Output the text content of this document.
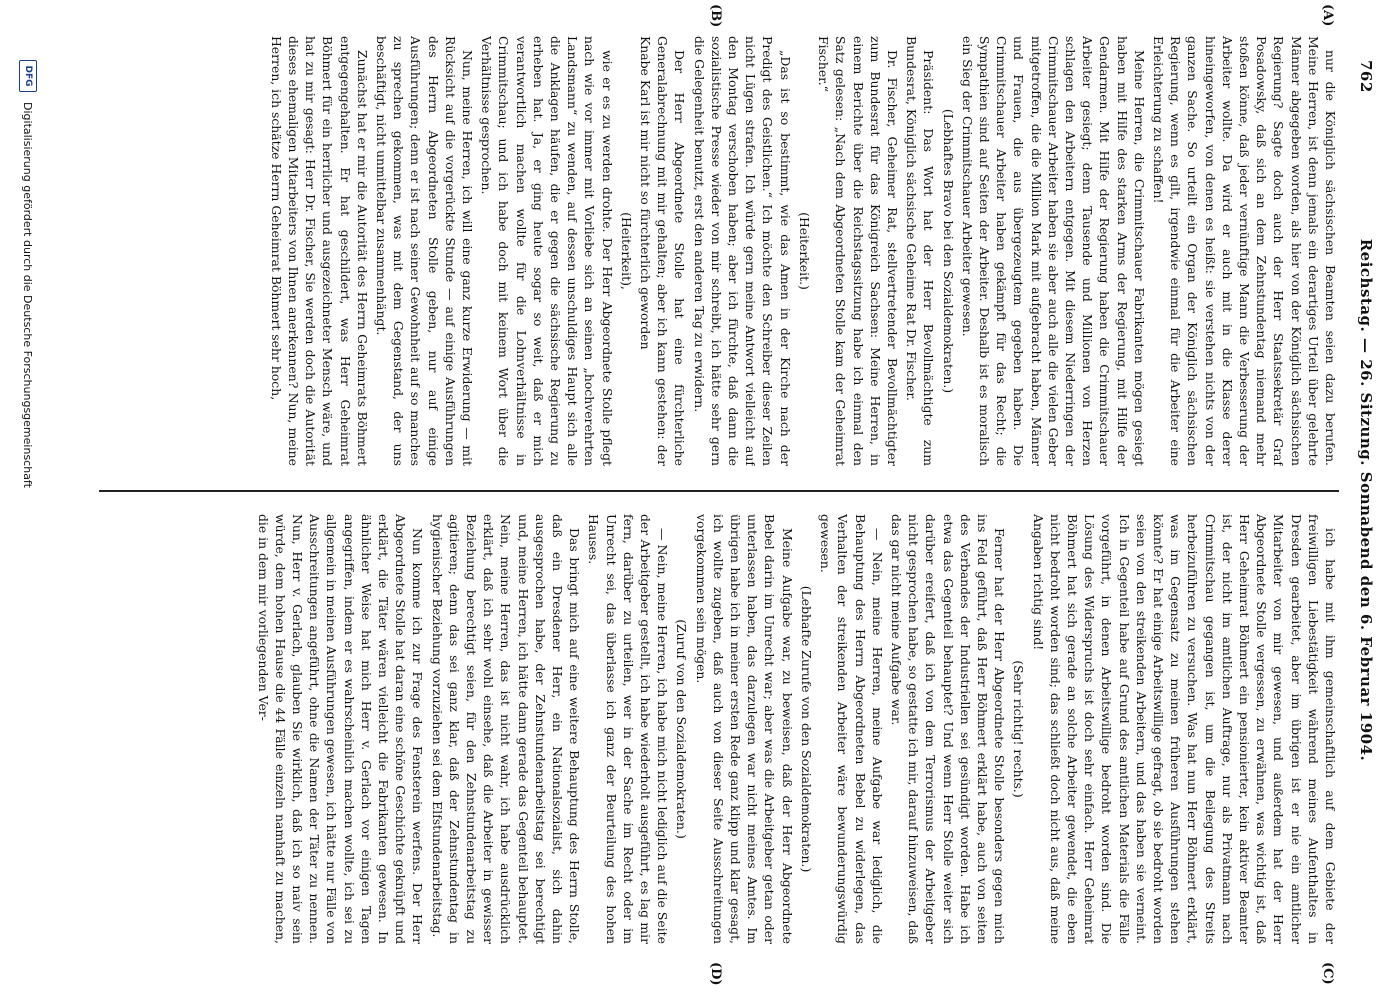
762
Reichstag. — 26. Sitzung. Sonnabend den 6. Februar 1904.
(A)
(B)
(C)
(D)

nur die Königlich sächsischen Beamten seien dazu berufen. Meine Herren, ist denn jemals ein derartiges Urteil über gelehrte Männer abgegeben worden, als hier von der Königlich sächsischen Regierung? Sagte doch auch der Herr Staatssekretär Graf Posadowsky, daß sich an dem Zehnstundentag niemand mehr stoßen könne, daß jeder vernünftige Mann die Verbesserung der Arbeiter wollte. Da wird er auch mit in die Klasse derer hineingeworfen, von denen es heißt: sie verstehen nichts von der ganzen Sache. So urteilt ein Organ der Königlich sächsischen Regierung, wenn es gilt, irgendwie einmal für die Arbeiter eine Erleichterung zu schaffen!

Meine Herren, die Crimmitschauer Fabrikanten mögen gesiegt haben mit Hilfe des starken Arms der Regierung, mit Hilfe der Gendarmen. Mit Hilfe der Regierung haben die Crimmitschauer Arbeiter gesiegt; denn Tausende und Millionen von Herzen schlagen den Arbeitern entgegen. Mit diesem Niederringen der Crimmitschauer Arbeiter haben sie aber auch alle die vielen Geber mitgetroffen, die die Million Mark mit aufgebracht haben, Männer und Frauen, die aus übergezeugtem gegeben haben. Die Crimmitschauer Arbeiter haben gekämpft für das Recht; die Sympathien sind auf Seiten der Arbeiter. Deshalb ist es moralisch ein Sieg der Crimmitschauer Arbeiter gewesen.

(Lebhaftes Bravo bei den Sozialdemokraten.)

Präsident: Das Wort hat der Herr Bevollmächtigte zum Bundesrat, Königlich sächsische Geheime Rat Dr. Fischer.

Dr. Fischer, Geheimer Rat, stellvertretender Bevollmächtigter zum Bundesrat für das Königreich Sachsen: Meine Herren, in einem Berichte über die Reichstagssitzung habe ich einmal den Satz gelesen: „Nach dem Abgeordneten Stolle kam der Geheimrat Fischer.“

(Heiterkeit.)

„Das ist so bestimmt, wie das Amen in der Kirche nach der Predigt des Geistlichen.“ Ich möchte den Schreiber dieser Zeilen nicht Lügen strafen. Ich würde gern meine Antwort vielleicht auf den Montag verschoben haben; aber ich fürchte, daß dann die sozialistische Presse wieder von mir schreibt, ich hätte sehr gern die Gelegenheit benutzt, erst den anderen Tag zu erwidern.

Der Herr Abgeordnete Stolle hat eine fürchterliche Generalabrechnung mit mir gehalten; aber ich kann gestehen: der Knabe Karl ist mir nicht so fürchterlich geworden

(Heiterkeit),

wie er es zu werden drohte. Der Herr Abgeordnete Stolle pflegt nach wie vor immer mit Vorliebe sich an seinen „hochverehrten Landsmann“ zu wenden, auf dessen unschuldiges Haupt sich alle die Anklagen häufen, die er gegen die sächsische Regierung zu erheben hat. Ja, er ging heute sogar so weit, daß er mich verantwortlich machen wollte für die Lohnverhältnisse in Crimmitschau; und ich habe doch mit keinem Wort über die Verhältnisse gesprochen.

Nun, meine Herren, ich will eine ganz kurze Erwiderung — mit Rücksicht auf die vorgerückte Stunde — auf einige Ausführungen des Herrn Abgeordneten Stolle geben, nur auf einige Ausführungen; denn er ist nach seiner Gewohnheit auf so manches zu sprechen gekommen, was mit dem Gegenstand, der uns beschäftigt, nicht unmittelbar zusammenhängt.

Zunächst hat er mir die Autorität des Herrn Geheimrats Böhmert entgegengehalten. Er hat geschildert, was Herr Geheimrat Böhmert für ein herrlicher und ausgezeichneter Mensch wäre, und hat zu mir gesagt: Herr Dr. Fischer, Sie werden doch die Autorität dieses ehemaligen Mitarbeiters von Ihnen anerkennen? Nun, meine Herren, ich schätze Herrn Geheimrat Böhmert sehr hoch,

ich habe mit ihm gemeinschaftlich auf dem Gebiete der freiwilligen Liebestätigkeit während meines Aufenthaltes in Dresden gearbeitet, aber im übrigen ist er nie ein amtlicher Mitarbeiter von mir gewesen, und außerdem hat der Herr Abgeordnete Stolle vergessen, zu erwähnen, was wichtig ist, daß Herr Geheimrat Böhmert ein pensionierter, kein aktiver Beamter ist, der nicht im amtlichen Auftrage, nur als Privatmann nach Crimmitschau gegangen ist, um die Beilegung des Streits herbeizuführen zu versuchen. Was hat nun Herr Böhmert erklärt, was im Gegensatz zu meinen früheren Ausführungen stehen könnte? Er hat einige Arbeitswillige gefragt, ob sie bedroht worden seien von den streikenden Arbeitern, und das haben sie verneint. Ich in Gegenteil habe auf Grund des amtlichen Materials die Fälle vorgeführt, in denen Arbeitswillige bedroht worden sind. Die Lösung des Widerspruchs ist doch sehr einfach. Herr Geheimrat Böhmert hat sich gerade an solche Arbeiter gewendet, die eben nicht bedroht worden sind; das schließt doch nicht aus, daß meine Angaben richtig sind!

(Sehr richtig! rechts.)

Ferner hat der Herr Abgeordnete Stolle besonders gegen mich ins Feld geführt, daß Herr Böhmert erklärt habe, auch von seiten des Verbandes der Industriellen sei gesündigt worden. Habe ich etwa das Gegenteil behauptet? Und wenn Herr Stolle weiter sich darüber ereifert, daß ich von dem Terrorismus der Arbeitgeber nicht gesprochen habe, so gestatte ich mir, darauf hinzuweisen, daß das gar nicht meine Aufgabe war.

— Nein, meine Herren, meine Aufgabe war lediglich, die Behauptung des Herrn Abgeordneten Bebel zu widerlegen, das Verhalten der streikenden Arbeiter wäre bewunderungswürdig gewesen.

(Lebhafte Zurufe von den Sozialdemokraten.)

Meine Aufgabe war, zu beweisen, daß der Herr Abgeordnete Bebel darin im Unrecht war; aber was die Arbeitgeber getan oder unterlassen haben, das darzulegen war nicht meines Amtes. Im übrigen habe ich in meiner ersten Rede ganz klipp und klar gesagt, ich wollte zugeben, daß auch von dieser Seite Ausschreitungen vorgekommen sein mögen.

(Zuruf von den Sozialdemokraten.)

— Nein, meine Herren, ich habe mich nicht lediglich auf die Seite der Arbeitgeber gestellt, ich habe wiederholt ausgeführt, es lag mir fern, darüber zu urteilen, wer in der Sache im Recht oder im Unrecht sei, das überlasse ich ganz der Beurteilung des hohen Hauses.

Das bringt mich auf eine weitere Behauptung des Herrn Stolle, daß ein Dresdener Herr, ein Nationalsozialist, sich dahin ausgesprochen habe, der Zehnstundenarbeitstag sei berechtigt und, meine Herren, ich hätte dann gerade das Gegenteil behauptet. Nein, meine Herren, das ist nicht wahr, ich habe ausdrücklich erklärt, daß ich sehr wohl einsehe, daß die Arbeiter in gewisser Beziehung berechtigt seien, für den Zehnstundenarbeitstag zu agitieren; denn das sei ganz klar, daß der Zehnstundentag in hygienischer Beziehung vorzuziehen sei dem Elfstundenarbeitstag.

Nun komme ich zur Frage des Fensterein werfens. Der Herr Abgeordnete Stolle hat daran eine schöne Geschichte geknüpft und erklärt, die Täter wären vielleicht die Fabrikanten gewesen. In ähnlicher Weise hat mich Herr v. Gerlach vor einigen Tagen angegriffen, indem er es wahrscheinlich machen wollte, ich sei zu allgemein in meinen Ausführungen gewesen, ich hätte nur Fälle von Ausschreitungen angeführt, ohne die Namen der Täter zu nennen. Nun, Herr v. Gerlach, glauben Sie wirklich, daß ich so naiv sein würde, dem hohen Hause die 44 Fälle einzeln namhaft zu machen, die in dem mir vorliegenden Ver-

DFG
Digitalisierung gefördert durch die Deutsche Forschungsgemeinschaft
